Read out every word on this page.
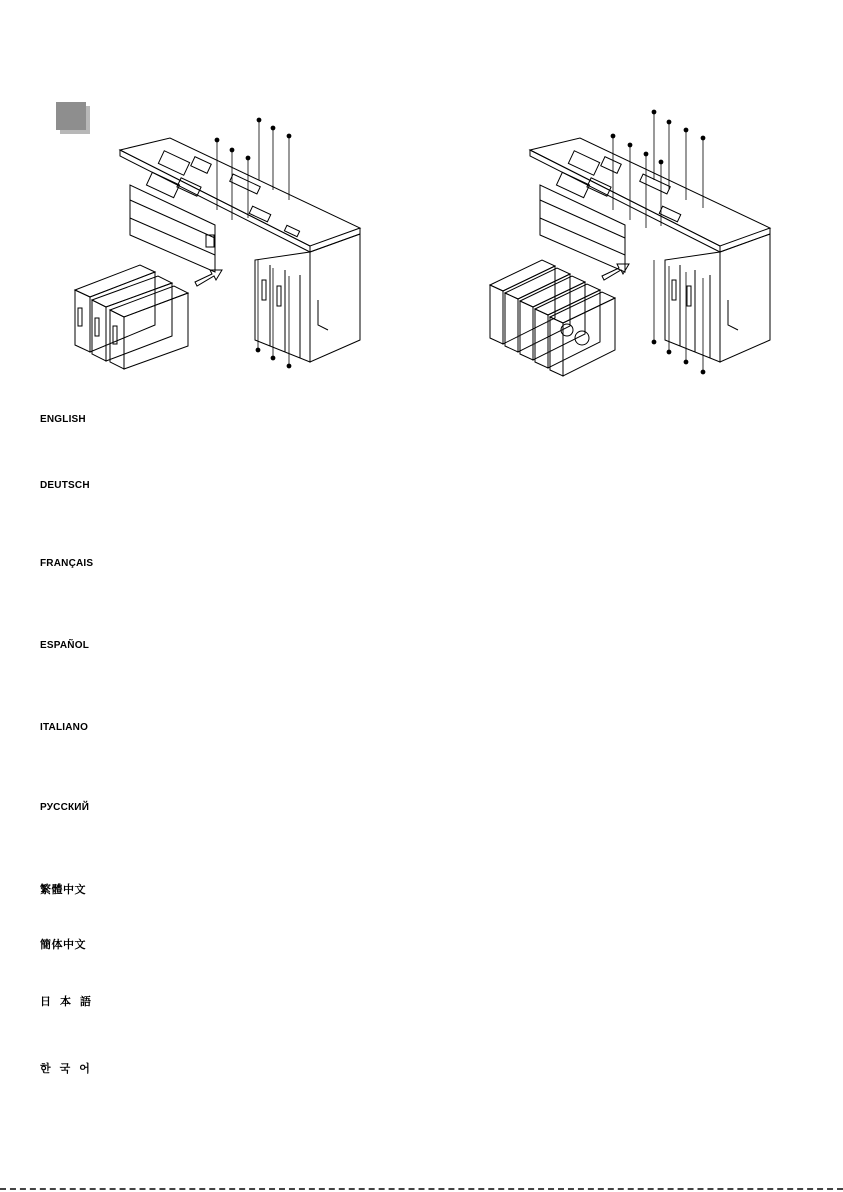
ENGLISH
DEUTSCH
FRANÇAIS
ESPAÑOL
ITALIANO
РУССКИЙ
繁體中文
簡体中文
日本語
한국어
